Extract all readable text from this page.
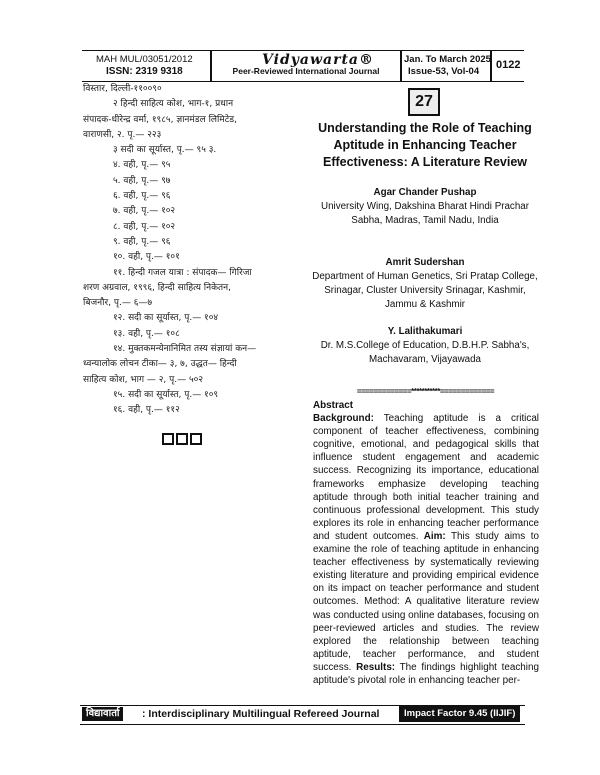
MAH MUL/03051/2012
ISSN: 2319 9318
Vidyawarta®
Peer-Reviewed International Journal
Jan. To March 2025
Issue-53, Vol-04
0122
विस्तार, दिल्ली-११००९०
२ हिन्दी साहित्य कोश, भाग-१, प्रधान
संपादक-धीरेन्द्र वर्मा, १९८५, ज्ञानमंडल लिमिटेड,
वाराणसी, २. पृ.— २२३
३ सदी का सूर्यास्त, पृ.— ९५ ३.
४. वही, पृ.— ९५
५. वही, पृ.— ९७
६. वही, पृ.— ९६
७. वही, पृ.— १०२
८. वही, पृ.— १०२
९. वही, पृ.— ९६
१०. वही, पृ.— १०१
११. हिन्दी गजल यात्रा : संपादक— गिरिजा
शरण अग्रवाल, १९९६, हिन्दी साहित्य निकेतन,
बिजनौर, पृ.— ६—७
१२. सदी का सूर्यास्त, पृ.— १०४
१३. वही, पृ.— १०८
१४. मुक्तकमन्येनानिमित तस्य संज्ञायां कन—
ध्वन्यालोक लोचन टीका— ३, ७, उद्धत— हिन्दी
साहित्य कोश, भाग — २, पृ.— ५०२
१५. सदी का सूर्यास्त, पृ.— १०९
१६. वही, पृ.— ११२
27
Understanding the Role of Teaching Aptitude in Enhancing Teacher Effectiveness: A Literature Review
Agar Chander Pushap
University Wing, Dakshina Bharat Hindi Prachar Sabha, Madras, Tamil Nadu, India
Amrit Sudershan
Department of Human Genetics, Sri Pratap College, Srinagar, Cluster University Srinagar, Kashmir, Jammu & Kashmir
Y. Lalithakumari
Dr. M.S.College of Education, D.B.H.P. Sabha's, Machavaram, Vijayawada
=============***********=============
Abstract
Background: Teaching aptitude is a critical component of teacher effectiveness, combining cognitive, emotional, and pedagogical skills that influence student engagement and academic success. Recognizing its importance, educational frameworks emphasize developing teaching aptitude through both initial teacher training and continuous professional development. This study explores its role in enhancing teacher performance and student outcomes. Aim: This study aims to examine the role of teaching aptitude in enhancing teacher effectiveness by systematically reviewing existing literature and providing empirical evidence on its impact on teacher performance and student outcomes. Method: A qualitative literature review was conducted using online databases, focusing on peer-reviewed articles and studies. The review explored the relationship between teaching aptitude, teacher performance, and student success. Results: The findings highlight teaching aptitude's pivotal role in enhancing teacher per-
विद्यावार्ता	: Interdisciplinary Multilingual Refereed Journal	Impact Factor 9.45 (IIJIF)
